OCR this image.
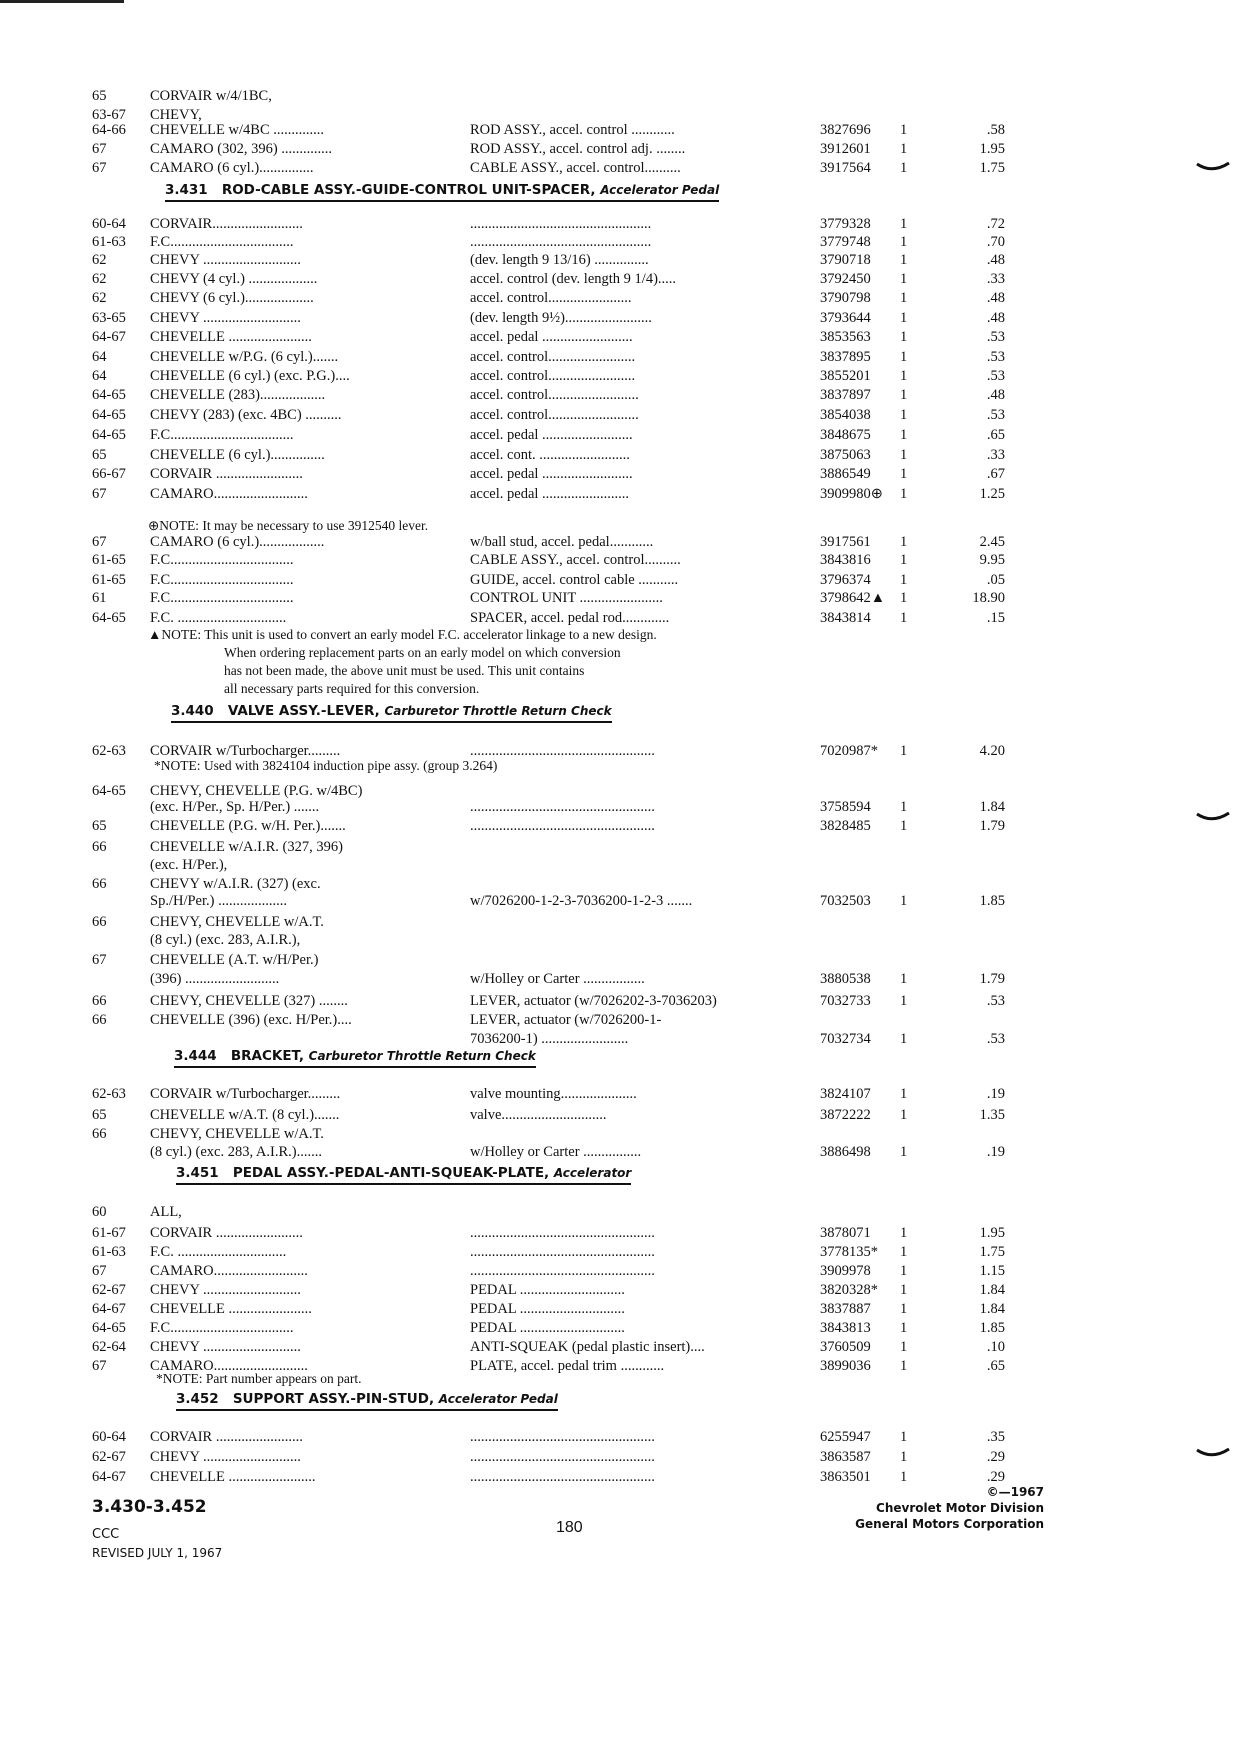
65	CORVAIR w/4/1BC,
63-67 CHEVY,
64-66 CHEVELLE w/4BC ..............	ROD ASSY., accel. control ............	3827696 1	.58
67	CAMARO (302, 396) ..............	ROD ASSY., accel. control adj. ........	3912601 1	1.95
67	CAMARO (6 cyl.)...............	CABLE ASSY., accel. control..........	3917564 1	1.75
60-64 CORVAIR.........................	..................................................	3779328 1	.72
61-63 F.C..................................	..................................................	3779748 1	.70
62	CHEVY ...........................	(dev. length 9 13/16) ...............	3790718 1	.48
62	CHEVY (4 cyl.) ...................	accel. control (dev. length 9 1/4).....	3792450 1	.33
62	CHEVY (6 cyl.)...................	accel. control.......................	3790798 1	.48
63-65 CHEVY ...........................	(dev. length 9½)........................	3793644 1	.48
64-67 CHEVELLE .......................	accel. pedal .........................	3853563 1	.53
64	CHEVELLE w/P.G. (6 cyl.).......	accel. control........................	3837895 1	.53
64	CHEVELLE (6 cyl.) (exc. P.G.)....	accel. control........................	3855201 1	.53
64-65 CHEVELLE (283)..................	accel. control.........................	3837897 1	.48
64-65 CHEVY (283) (exc. 4BC) ..........	accel. control.........................	3854038 1	.53
64-65 F.C..................................	accel. pedal .........................	3848675 1	.65
65	CHEVELLE (6 cyl.)...............	accel. cont. .........................	3875063 1	.33
66-67 CORVAIR ........................	accel. pedal .........................	3886549 1	.67
67	CAMARO..........................	accel. pedal ........................	3909980⊕ 1	1.25
67	CAMARO (6 cyl.)..................	w/ball stud, accel. pedal............	3917561 1	2.45
61-65 F.C..................................	CABLE ASSY., accel. control..........	3843816 1	9.95
61-65 F.C..................................	GUIDE, accel. control cable ...........	3796374 1	.05
61	F.C..................................	CONTROL UNIT .......................	3798642▲ 1	18.90
64-65 F.C. ..............................	SPACER, accel. pedal rod.............	3843814 1	.15
62-63 CORVAIR w/Turbocharger.........	...................................................	7020987* 1	4.20
64-65 CHEVY, CHEVELLE (P.G. w/4BC)
(exc. H/Per., Sp. H/Per.) .......	...................................................	3758594 1	1.84
65	CHEVELLE (P.G. w/H. Per.).......	...................................................	3828485 1	1.79
66	CHEVELLE w/A.I.R. (327, 396)
(exc. H/Per.),
66	CHEVY w/A.I.R. (327) (exc.
Sp./H/Per.) ...................	w/7026200-1-2-3-7036200-1-2-3 .......	7032503 1	1.85
66	CHEVY, CHEVELLE w/A.T.
(8 cyl.) (exc. 283, A.I.R.),
67	CHEVELLE (A.T. w/H/Per.)
(396) ..........................	w/Holley or Carter .................	3880538 1	1.79
66	CHEVY, CHEVELLE (327) ........	LEVER, actuator (w/7026202-3-7036203)	7032733 1	.53
66	CHEVELLE (396) (exc. H/Per.)....	LEVER, actuator (w/7026200-1-
7036200-1) ........................	7032734 1	.53
62-63 CORVAIR w/Turbocharger.........	valve mounting.....................	3824107 1	.19
65	CHEVELLE w/A.T. (8 cyl.).......	valve.............................	3872222 1	1.35
66	CHEVY, CHEVELLE w/A.T.
(8 cyl.) (exc. 283, A.I.R.).......	w/Holley or Carter ................	3886498 1	.19
60	ALL,
61-67 CORVAIR ........................	...................................................	3878071 1	1.95
61-63 F.C. ..............................	...................................................	3778135* 1	1.75
67	CAMARO..........................	...................................................	3909978 1	1.15
62-67 CHEVY ...........................	PEDAL .............................	3820328* 1	1.84
64-67 CHEVELLE .......................	PEDAL .............................	3837887 1	1.84
64-65 F.C..................................	PEDAL .............................	3843813 1	1.85
62-64 CHEVY ...........................	ANTI-SQUEAK (pedal plastic insert)....	3760509 1	.10
67	CAMARO..........................	PLATE, accel. pedal trim ............	3899036 1	.65
60-64 CORVAIR ........................	...................................................	6255947 1	.35
62-67 CHEVY ...........................	...................................................	3863587 1	.29
64-67 CHEVELLE ........................	...................................................	3863501 1	.29
⊕NOTE: It may be necessary to use 3912540 lever.
▲NOTE: This unit is used to convert an early model F.C. accelerator linkage to a new design.
When ordering replacement parts on an early model on which conversion
has not been made, the above unit must be used. This unit contains
all necessary parts required for this conversion.
*NOTE: Used with 3824104 induction pipe assy. (group 3.264)
*NOTE: Part number appears on part.
3.431 ROD-CABLE ASSY.-GUIDE-CONTROL UNIT-SPACER, Accelerator Pedal
3.440 VALVE ASSY.-LEVER, Carburetor Throttle Return Check
3.444 BRACKET, Carburetor Throttle Return Check
3.451 PEDAL ASSY.-PEDAL-ANTI-SQUEAK-PLATE, Accelerator
3.452 SUPPORT ASSY.-PIN-STUD, Accelerator Pedal
3.430-3.452
CCC
REVISED JULY 1, 1967
180
©—1967
Chevrolet Motor Division
General Motors Corporation
